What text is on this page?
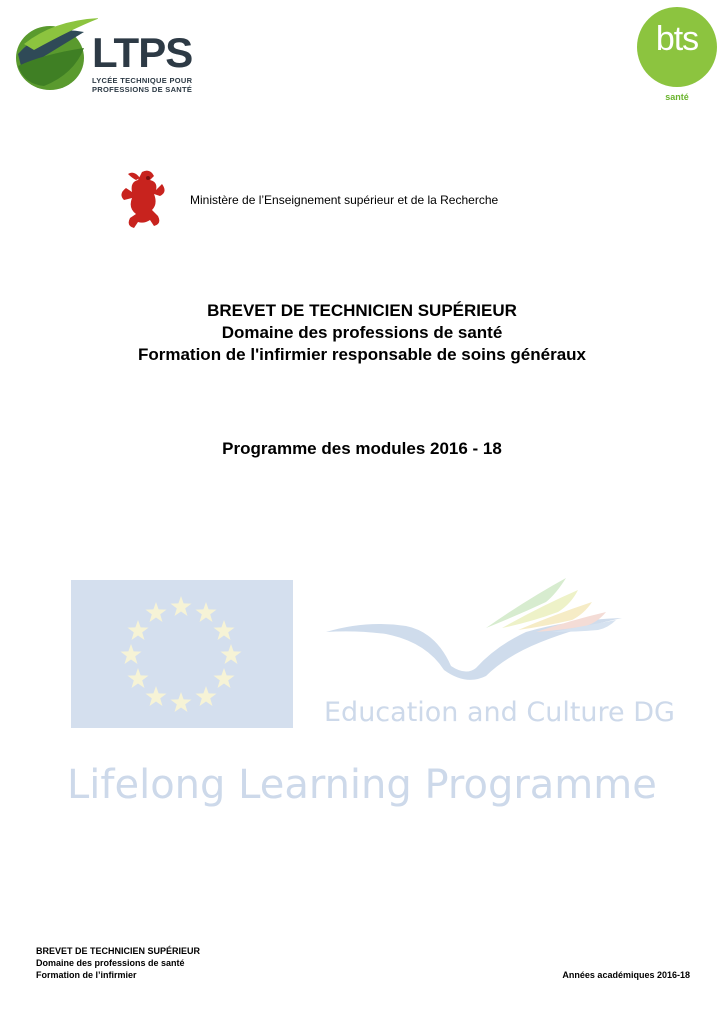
LTPS
LYCÉE TECHNIQUE POUR
PROFESSIONS DE SANTÉ
bts
santé
Ministère de l’Enseignement supérieur et de la Recherche
BREVET DE TECHNICIEN SUPÉRIEUR
Domaine des professions de santé
Formation de l'infirmier responsable de soins généraux
Programme des modules 2016 - 18
Education and Culture DG
Lifelong Learning Programme
BREVET DE TECHNICIEN SUPÉRIEUR
Domaine des professions de santé
Formation de l’infirmier	Années académiques 2016-18
